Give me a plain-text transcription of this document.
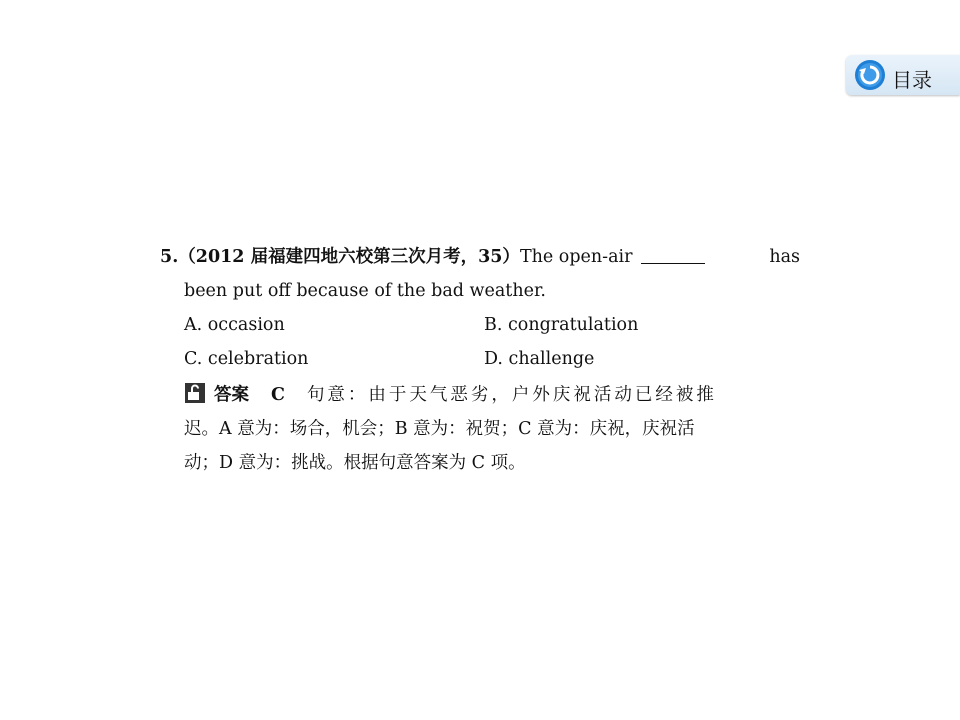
目录
5.（2012 届福建四地六校第三次月考，35）The open-air	has
been put off because of the bad weather.
A. occasion	B. congratulation
C. celebration	D. challenge
答案 C 句意：由于天气恶劣，户外庆祝活动已经被推
迟。A 意为：场合，机会；B 意为：祝贺；C 意为：庆祝，庆祝活
动；D 意为：挑战。根据句意答案为 C 项。
